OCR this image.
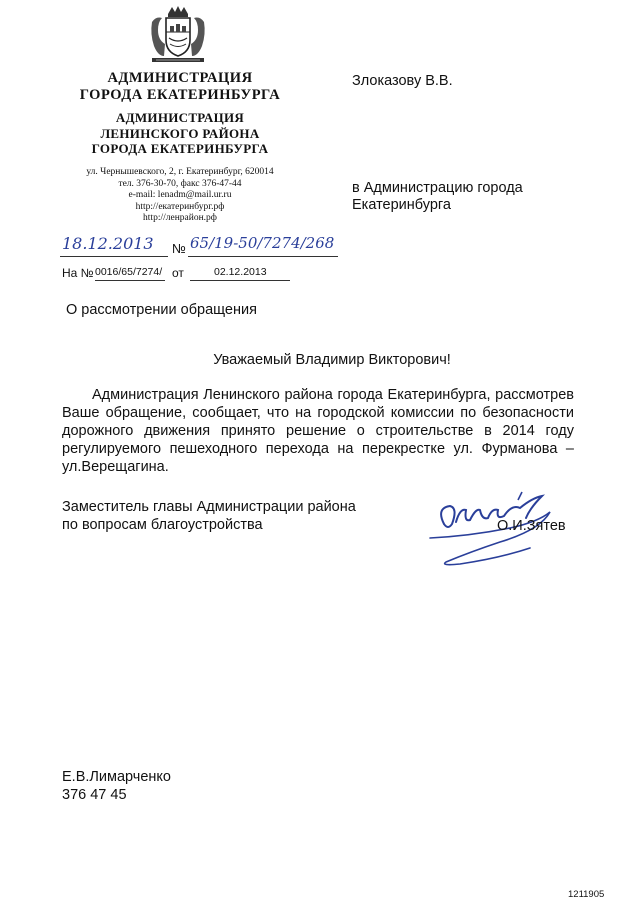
АДМИНИСТРАЦИЯ
ГОРОДА ЕКАТЕРИНБУРГА
АДМИНИСТРАЦИЯ
ЛЕНИНСКОГО РАЙОНА
ГОРОДА ЕКАТЕРИНБУРГА
ул. Чернышевского, 2, г. Екатеринбург, 620014
тел. 376-30-70, факс 376-47-44
e-mail: lenadm@mail.ur.ru
http://екатеринбург.рф
http://ленрайон.рф
Злоказову В.В.
в Администрацию города
Екатеринбурга
18.12.2013 № 65/19-50/7274/268
На № 0016/65/7274/ от	02.12.2013
О рассмотрении обращения
Уважаемый Владимир Викторович!
Администрация Ленинского района города Екатеринбурга, рассмотрев Ваше обращение, сообщает, что на городской комиссии по безопасности дорожного движения принято решение о строительстве в 2014 году регулируемого пешеходного перехода на перекрестке ул. Фурманова – ул.Верещагина.
Заместитель главы Администрации района
по вопросам благоустройства	О.И.Зятев
Е.В.Лимарченко
376 47 45
1211905
